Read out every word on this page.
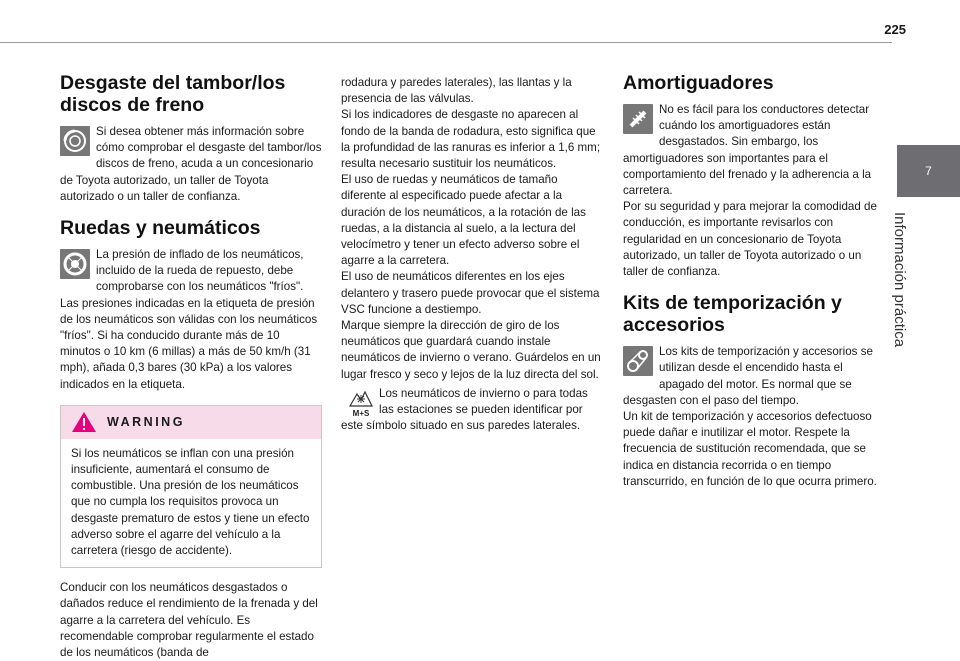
225
7
Información práctica
Desgaste del tambor/los discos de freno

Si desea obtener más información sobre cómo comprobar el desgaste del tambor/los discos de freno, acuda a un concesionario de Toyota autorizado, un taller de Toyota autorizado o un taller de confianza.

Ruedas y neumáticos

La presión de inflado de los neumáticos, incluido de la rueda de repuesto, debe comprobarse con los neumáticos "fríos".

Las presiones indicadas en la etiqueta de presión de los neumáticos son válidas con los neumáticos "fríos". Si ha conducido durante más de 10 minutos o 10 km (6 millas) a más de 50 km/h (31 mph), añada 0,3 bares (30 kPa) a los valores indicados en la etiqueta.

WARNING
Si los neumáticos se inflan con una presión insuficiente, aumentará el consumo de combustible. Una presión de los neumáticos que no cumpla los requisitos provoca un desgaste prematuro de estos y tiene un efecto adverso sobre el agarre del vehículo a la carretera (riesgo de accidente).

Conducir con los neumáticos desgastados o dañados reduce el rendimiento de la frenada y del agarre a la carretera del vehículo. Es recomendable comprobar regularmente el estado de los neumáticos (banda de

rodadura y paredes laterales), las llantas y la presencia de las válvulas.

Si los indicadores de desgaste no aparecen al fondo de la banda de rodadura, esto significa que la profundidad de las ranuras es inferior a 1,6 mm; resulta necesario sustituir los neumáticos.

El uso de ruedas y neumáticos de tamaño diferente al especificado puede afectar a la duración de los neumáticos, a la rotación de las ruedas, a la distancia al suelo, a la lectura del velocímetro y tener un efecto adverso sobre el agarre a la carretera.

El uso de neumáticos diferentes en los ejes delantero y trasero puede provocar que el sistema VSC funcione a destiempo.

Marque siempre la dirección de giro de los neumáticos que guardará cuando instale neumáticos de invierno o verano. Guárdelos en un lugar fresco y seco y lejos de la luz directa del sol.

M+S

Los neumáticos de invierno o para todas las estaciones se pueden identificar por este símbolo situado en sus paredes laterales.

Amortiguadores

No es fácil para los conductores detectar cuándo los amortiguadores están desgastados. Sin embargo, los amortiguadores son importantes para el comportamiento del frenado y la adherencia a la carretera.

Por su seguridad y para mejorar la comodidad de conducción, es importante revisarlos con regularidad en un concesionario de Toyota autorizado, un taller de Toyota autorizado o un taller de confianza.

Kits de temporización y accesorios

Los kits de temporización y accesorios se utilizan desde el encendido hasta el apagado del motor. Es normal que se desgasten con el paso del tiempo.

Un kit de temporización y accesorios defectuoso puede dañar e inutilizar el motor. Respete la frecuencia de sustitución recomendada, que se indica en distancia recorrida o en tiempo transcurrido, en función de lo que ocurra primero.
